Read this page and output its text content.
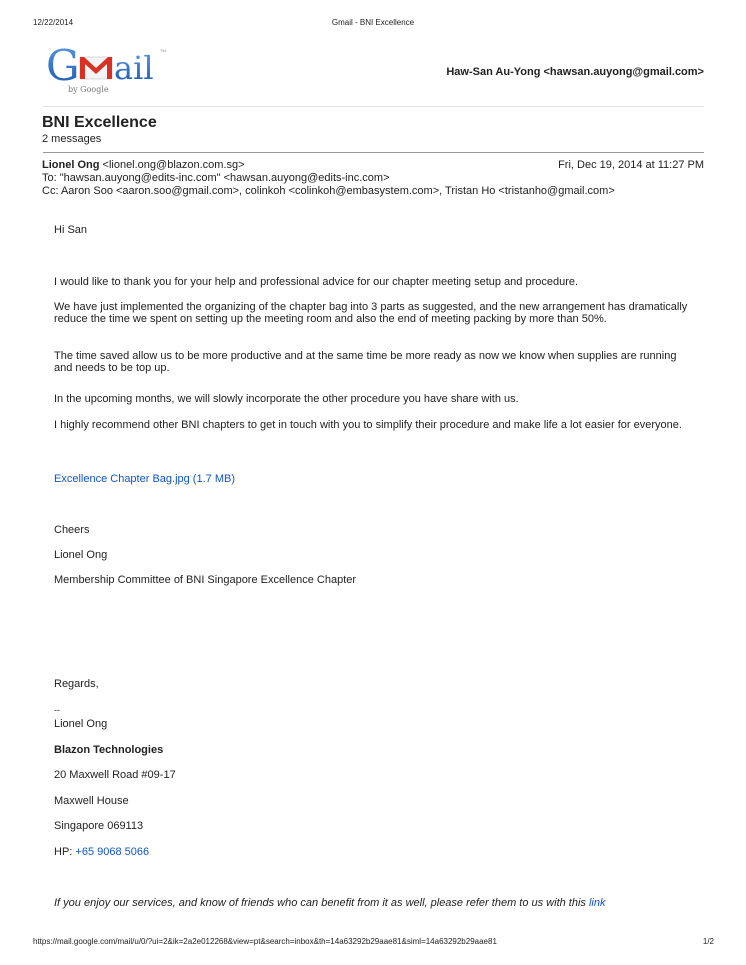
12/22/2014	Gmail - BNI Excellence
G ail TM
by Google
Haw-San Au-Yong <hawsan.auyong@gmail.com>
BNI Excellence
2 messages
Lionel Ong <lionel.ong@blazon.com.sg>	Fri, Dec 19, 2014 at 11:27 PM
To: "hawsan.auyong@edits-inc.com" <hawsan.auyong@edits-inc.com>
Cc: Aaron Soo <aaron.soo@gmail.com>, colinkoh <colinkoh@embasystem.com>, Tristan Ho <tristanho@gmail.com>
Hi San
I would like to thank you for your help and professional advice for our chapter meeting setup and procedure.
We have just implemented the organizing of the chapter bag into 3 parts as suggested, and the new arrangement has dramatically reduce the time we spent on setting up the meeting room and also the end of meeting packing by more than 50%.
The time saved allow us to be more productive and at the same time be more ready as now we know when supplies are running and needs to be top up.
In the upcoming months, we will slowly incorporate the other procedure you have share with us.
I highly recommend other BNI chapters to get in touch with you to simplify their procedure and make life a lot easier for everyone.
Excellence Chapter Bag.jpg (1.7 MB)
Cheers
Lionel Ong
Membership Committee of BNI Singapore Excellence Chapter
Regards,
--
Lionel Ong
Blazon Technologies
20 Maxwell Road #09-17
Maxwell House
Singapore 069113
HP: +65 9068 5066
If you enjoy our services, and know of friends who can benefit from it as well, please refer them to us with this link
https://mail.google.com/mail/u/0/?ui=2&ik=2a2e012268&view=pt&search=inbox&th=14a63292b29aae81&siml=14a63292b29aae81	1/2
